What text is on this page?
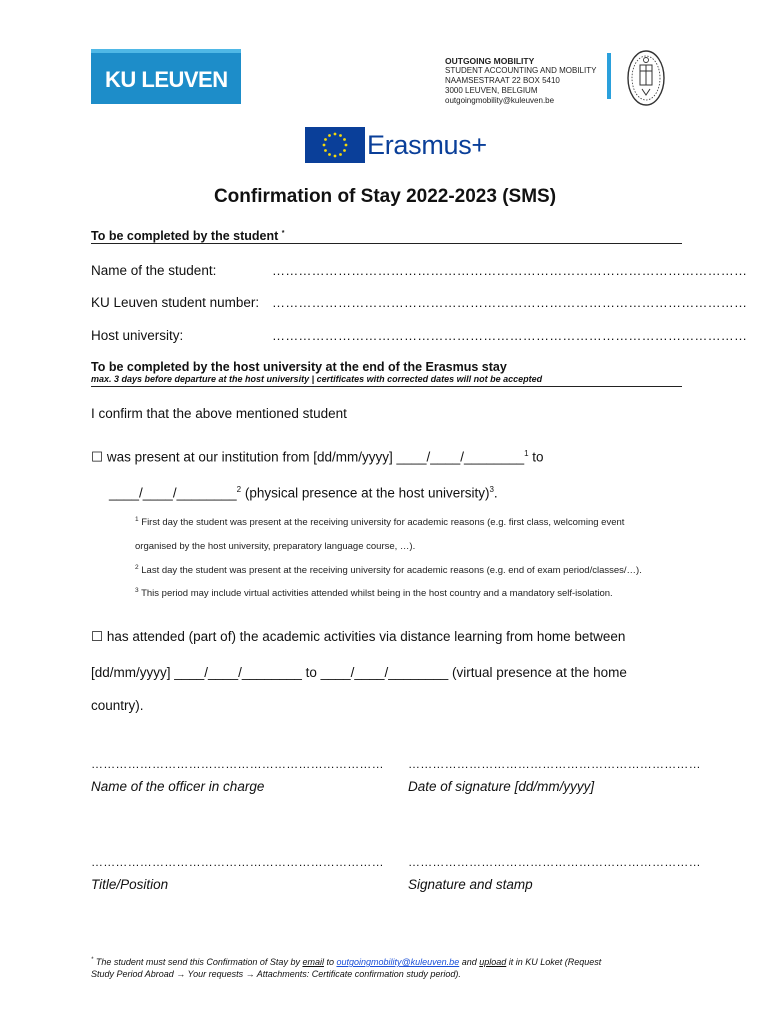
KU LEUVEN
OUTGOING MOBILITY
STUDENT ACCOUNTING AND MOBILITY
NAAMSESTRAAT 22 BOX 5410
3000 LEUVEN, BELGIUM
outgoingmobility@kuleuven.be
Erasmus+
Confirmation of Stay 2022-2023 (SMS)
To be completed by the student *
Name of the student:	………………………………………………………………………………………………
KU Leuven student number: ………………………………………………………………………………………………
Host university:	………………………………………………………………………………………………
To be completed by the host university at the end of the Erasmus stay
max. 3 days before departure at the host university | certificates with corrected dates will not be accepted
I confirm that the above mentioned student
☐ was present at our institution from [dd/mm/yyyy] ____/____/________$^1$ to
____/____/________$^2$ (physical presence at the host university)$^3$.
$^1$ First day the student was present at the receiving university for academic reasons (e.g. first class, welcoming event
organised by the host university, preparatory language course, …).
$^2$ Last day the student was present at the receiving university for academic reasons (e.g. end of exam period/classes/…).
$^3$ This period may include virtual activities attended whilst being in the host country and a mandatory self-isolation.
☐ has attended (part of) the academic activities via distance learning from home between
[dd/mm/yyyy] ____/____/________ to ____/____/________ (virtual presence at the home
country).
……………………………………………………………… ………………………………………………………………
Name of the officer in charge	Date of signature [dd/mm/yyyy]
……………………………………………………………… ………………………………………………………………
Title/Position	Signature and stamp
* The student must send this Confirmation of Stay by email to outgoingmobility@kuleuven.be and upload it in KU Loket (Request
Study Period Abroad → Your requests → Attachments: Certificate confirmation study period).
